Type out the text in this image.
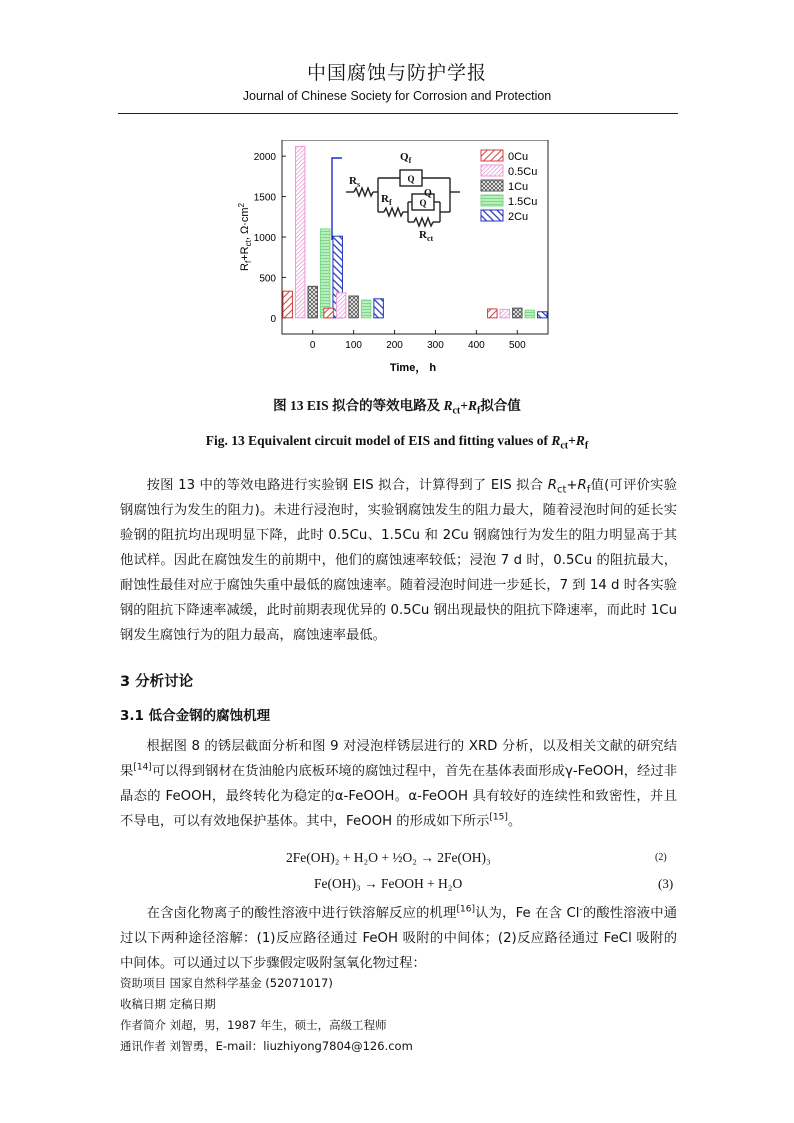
中国腐蚀与防护学报
Journal of Chinese Society for Corrosion and Protection
0
500
1000
1500
2000
0	100 200 300 400 500
$R_f+R_{ct}$, $\Omega\cdot cm^2$
Time， h
$Q_f$
Q
Q
Q
$R_s$
$R_f$
$R_{ct}$
0Cu
0.5Cu
1Cu
1.5Cu
2Cu
图 13 EIS 拟合的等效电路及 $R_{ct}+R_f$拟合值
Fig. 13 Equivalent circuit model of EIS and fitting values of $R_{ct}+R_f$

按图 13 中的等效电路进行实验钢 EIS 拟合，计算得到了 EIS 拟合 $R_{ct}+R_f$值(可评价实验钢腐蚀行为发生的阻力)。未进行浸泡时，实验钢腐蚀发生的阻力最大，随着浸泡时间的延长实验钢的阻抗均出现明显下降，此时 0.5Cu、1.5Cu 和 2Cu 钢腐蚀行为发生的阻力明显高于其他试样。因此在腐蚀发生的前期中，他们的腐蚀速率较低；浸泡 7 d 时，0.5Cu 的阻抗最大，耐蚀性最佳对应于腐蚀失重中最低的腐蚀速率。随着浸泡时间进一步延长，7 到 14 d 时各实验钢的阻抗下降速率减缓，此时前期表现优异的 0.5Cu 钢出现最快的阻抗下降速率，而此时 1Cu 钢发生腐蚀行为的阻力最高，腐蚀速率最低。

3 分析讨论
3.1 低合金钢的腐蚀机理

根据图 8 的锈层截面分析和图 9 对浸泡样锈层进行的 XRD 分析，以及相关文献的研究结果[14]可以得到钢材在货油舱内底板环境的腐蚀过程中，首先在基体表面形成γ-FeOOH，经过非晶态的 FeOOH，最终转化为稳定的α-FeOOH。α-FeOOH 具有较好的连续性和致密性，并且不导电，可以有效地保护基体。其中，FeOOH 的形成如下所示[15]。

2Fe(OH)₂ + H₂O + ½O₂ → 2Fe(OH)₃	(2)
Fe(OH)₃ → FeOOH + H₂O	(3)

在含卤化物离子的酸性溶液中进行铁溶解反应的机理[16]认为，Fe 在含 Cl-的酸性溶液中通过以下两种途径溶解：(1)反应路径通过 FeOH 吸附的中间体；(2)反应路径通过 FeCl 吸附的中间体。可以通过以下步骤假定吸附氢氧化物过程：

资助项目 国家自然科学基金 (52071017)

收稿日期 定稿日期

作者简介 刘超，男，1987 年生，硕士，高级工程师

通讯作者 刘智勇，E-mail：liuzhiyong7804@126.com
